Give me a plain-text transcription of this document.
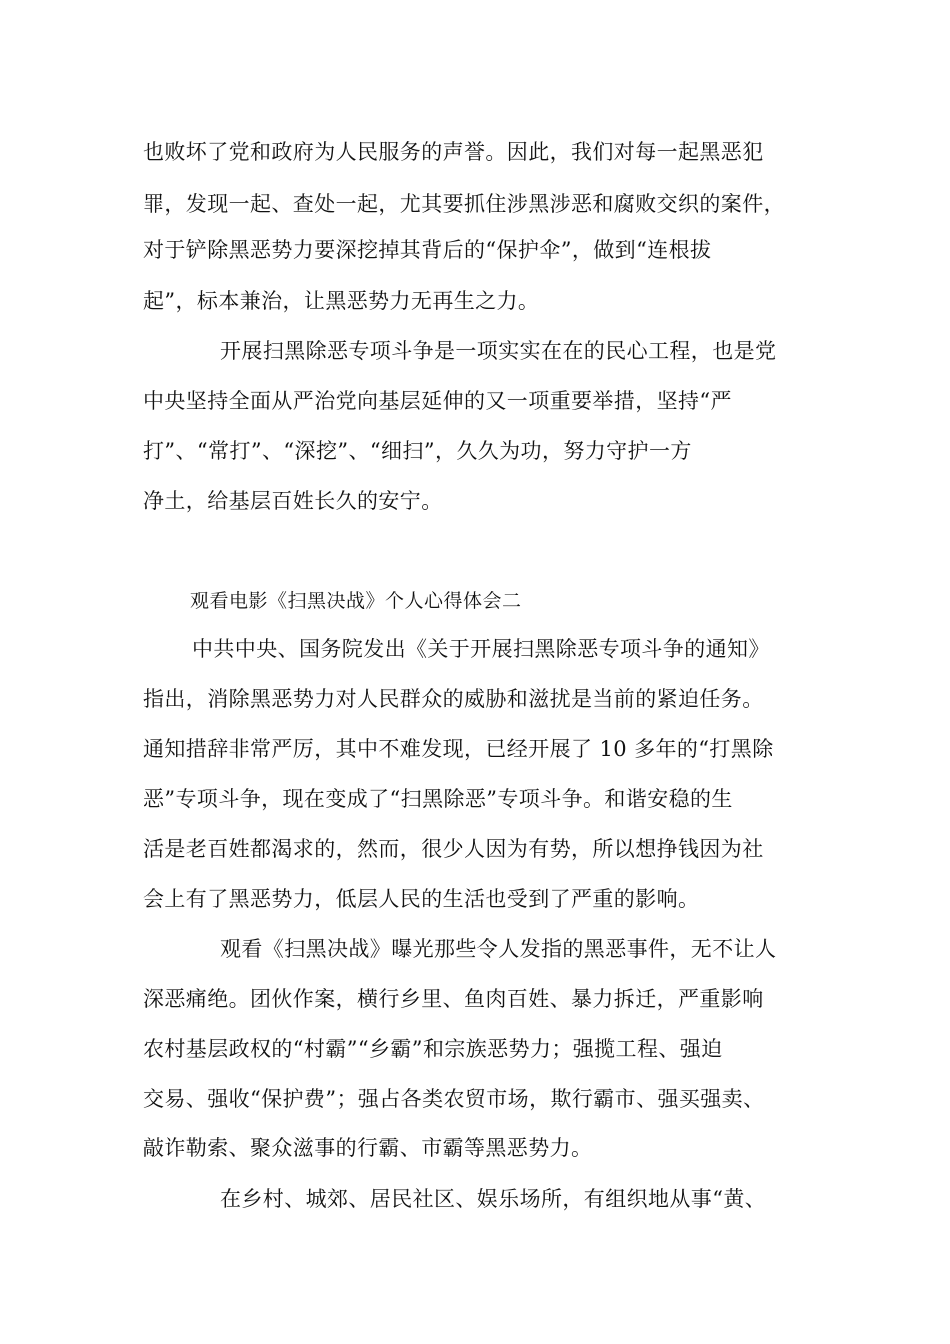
也败坏了党和政府为人民服务的声誉。因此，我们对每一起黑恶犯
罪，发现一起、查处一起，尤其要抓住涉黑涉恶和腐败交织的案件，
对于铲除黑恶势力要深挖掉其背后的“保护伞”，做到“连根拔
起”，标本兼治，让黑恶势力无再生之力。
开展扫黑除恶专项斗争是一项实实在在的民心工程，也是党
中央坚持全面从严治党向基层延伸的又一项重要举措，坚持“严
打”、“常打”、“深挖”、“细扫”，久久为功，努力守护一方
净土，给基层百姓长久的安宁。
观看电影《扫黑决战》个人心得体会二
中共中央、国务院发出《关于开展扫黑除恶专项斗争的通知》
指出，消除黑恶势力对人民群众的威胁和滋扰是当前的紧迫任务。
通知措辞非常严厉，其中不难发现，已经开展了 10 多年的“打黑除
恶”专项斗争，现在变成了“扫黑除恶”专项斗争。和谐安稳的生
活是老百姓都渴求的，然而，很少人因为有势，所以想挣钱因为社
会上有了黑恶势力，低层人民的生活也受到了严重的影响。
观看《扫黑决战》曝光那些令人发指的黑恶事件，无不让人
深恶痛绝。团伙作案，横行乡里、鱼肉百姓、暴力拆迁，严重影响
农村基层政权的“村霸”“乡霸”和宗族恶势力；强揽工程、强迫
交易、强收“保护费”；强占各类农贸市场，欺行霸市、强买强卖、
敲诈勒索、聚众滋事的行霸、市霸等黑恶势力。
在乡村、城郊、居民社区、娱乐场所，有组织地从事“黄、
